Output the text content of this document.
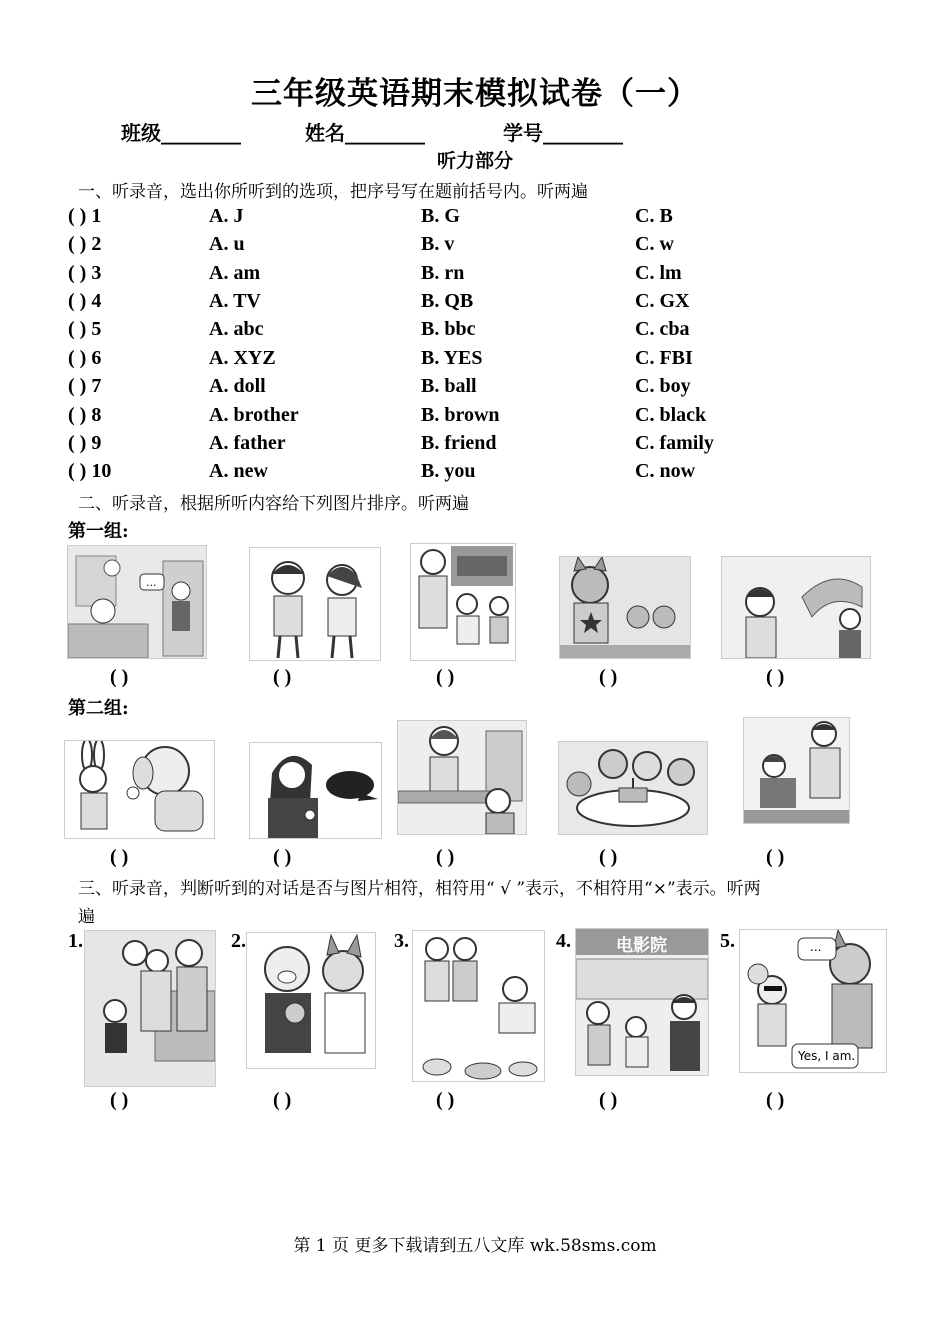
三年级英语期末模拟试卷（一）
班级________	姓名________	学号________
听力部分
一、听录音，选出你所听到的选项，把序号写在题前括号内。听两遍
( ) 1	A. J	B. G	C. B
( ) 2	A. u	B. v	C. w
( ) 3	A. am	B. rn	C. lm
( ) 4	A. TV	B. QB	C. GX
( ) 5	A. abc	B. bbc	C. cba
( ) 6	A. XYZ	B. YES	C. FBI
( ) 7	A. doll	B. ball	C. boy
( ) 8	A. brother	B. brown	C. black
( ) 9	A. father	B. friend	C. family
( ) 10	A. new	B. you	C. now
二、听录音，根据所听内容给下列图片排序。听两遍
第一组:
...
( )	( )	( )	( )	( )
第二组:
( )	( )	( )	( )	( )
三、听录音，判断听到的对话是否与图片相符，相符用“ √ ”表示，不相符用“×”表示。听两
遍
1.	2.	3.	4.	5.
电影院	...
Yes, I am.
( )	( )	( )	( )	( )
第 1 页 更多下载请到五八文库 wk.58sms.com
